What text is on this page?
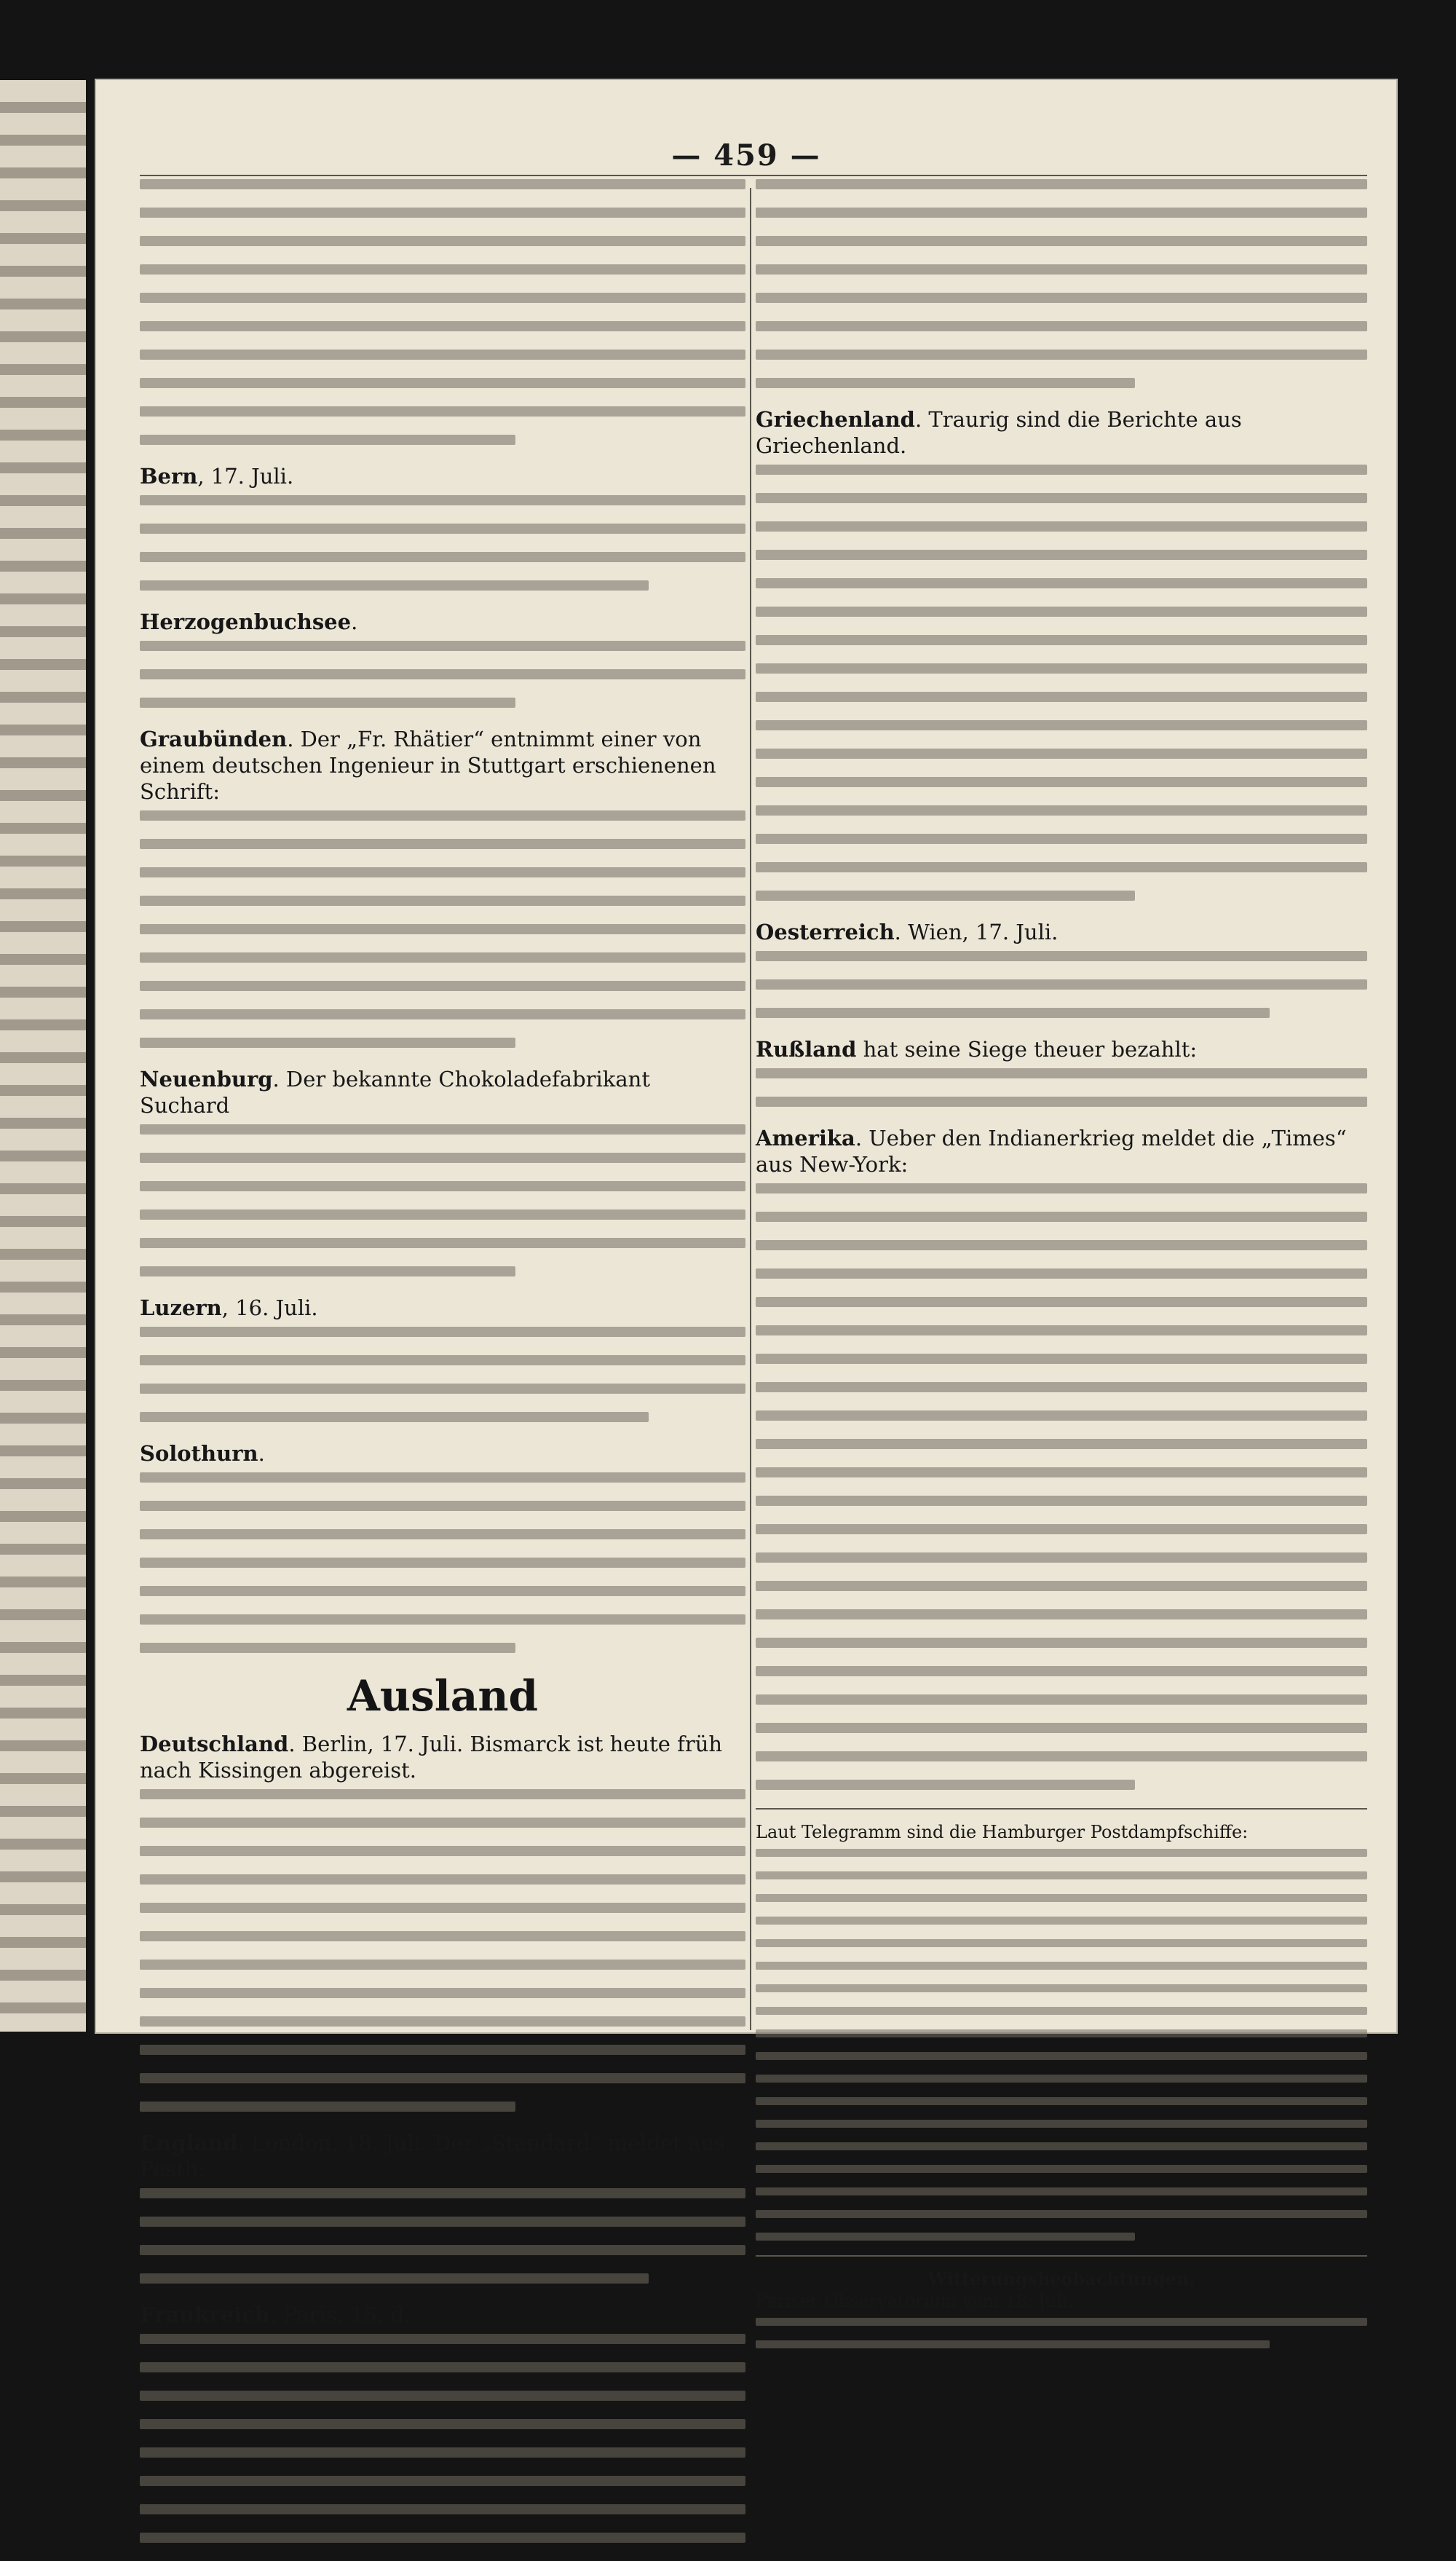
— 459 —
Bern, 17. Juli.
Herzogenbuchsee.
Graubünden. Der „Fr. Rhätier“ entnimmt einer von einem deutschen Ingenieur in Stuttgart erschienenen Schrift:
Neuenburg. Der bekannte Chokoladefabrikant Suchard
Luzern, 16. Juli.
Solothurn.
Ausland
Deutschland. Berlin, 17. Juli. Bismarck ist heute früh nach Kissingen abgereist.
England. London, 18. Juli. Der „Standard“ meldet aus Pesth:
Frankreich. Paris, 15. d.
Griechenland. Traurig sind die Berichte aus Griechenland.
Oesterreich. Wien, 17. Juli.
Rußland hat seine Siege theuer bezahlt:
Amerika. Ueber den Indianerkrieg meldet die „Times“ aus New-York:
Laut Telegramm sind die Hamburger Postdampfschiffe:
Witterungsbeobachtungen.
Pariser Observatorium vom 18. Juli.
